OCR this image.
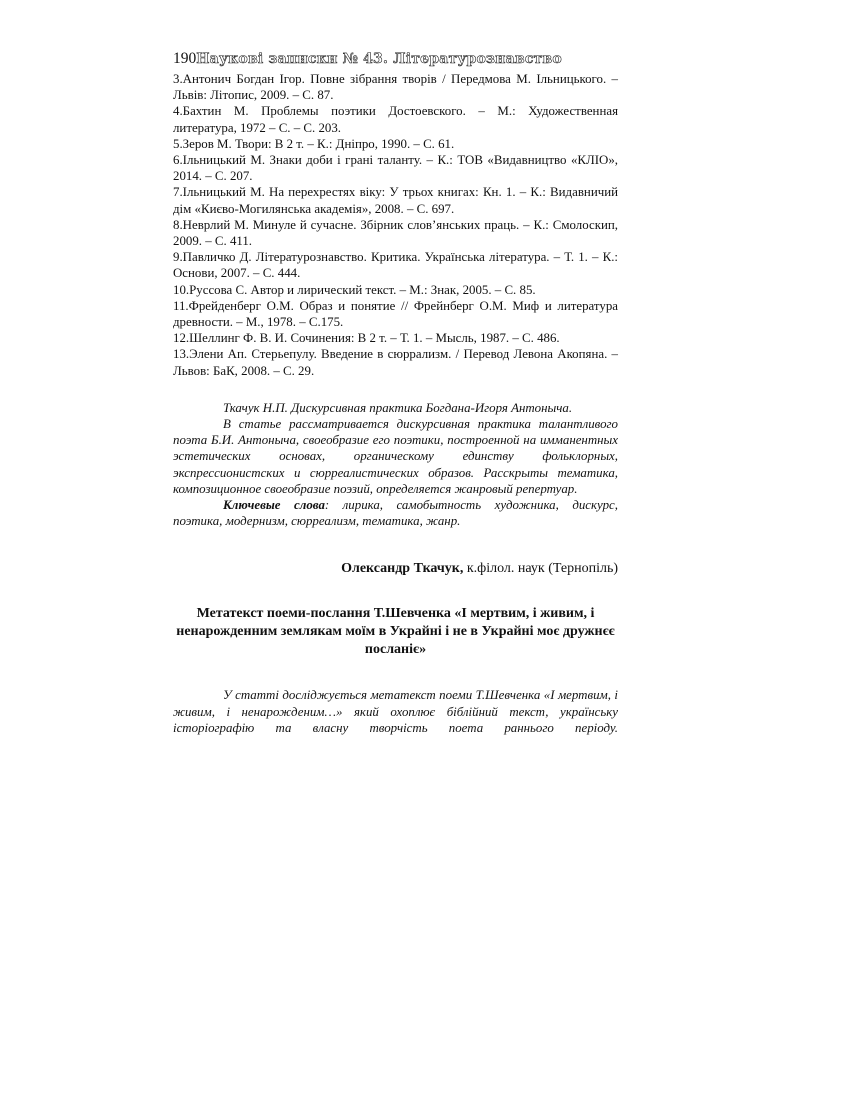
190Наукові записки № 43. Літературознавство
3.Антонич Богдан Ігор. Повне зібрання творів / Передмова М. Ільницького. – Львів: Літопис, 2009. – С. 87.
4.Бахтин М. Проблемы поэтики Достоевского. – М.: Художественная литература, 1972 – С. – С. 203.
5.Зеров М. Твори: В 2 т. – К.: Дніпро, 1990. – С. 61.
6.Ільницький М. Знаки доби і грані таланту. – К.: ТОВ «Видавництво «КЛІО», 2014. – С. 207.
7.Ільницький М. На перехрестях віку: У трьох книгах: Кн. 1. – К.: Видавничий дім «Києво-Могилянська академія», 2008. – С. 697.
8.Неврлий М. Минуле й сучасне. Збірник слов’янських праць. – К.: Смолоскип, 2009. – С. 411.
9.Павличко Д. Літературознавство. Критика. Українська література. – Т. 1. – К.: Основи, 2007. – С. 444.
10.Руссова С. Автор и лирический текст. – М.: Знак, 2005. – С. 85.
11.Фрейденберг О.М. Образ и понятие // Фрейнберг О.М. Миф и литература древности. – М., 1978. – С.175.
12.Шеллинг Ф. В. И. Сочинения: В 2 т. – Т. 1. – Мысль, 1987. – С. 486.
13.Элени Ап. Стерьепулу. Введение в сюррализм. / Перевод Левона Акопяна. – Львов: БаК, 2008. – С. 29.

Ткачук Н.П. Дискурсивная практика Богдана-Игоря Антоныча.

В статье рассматривается дискурсивная практика талантливого поэта Б.И. Антоныча, своеобразие его поэтики, построенной на имманентных эстетических основах, органическому единству фольклорных, экспрессионистских и сюрреалистических образов. Расскрыты тематика, композиционное своеобразие поэзий, определяется жанровый репертуар.

Ключевые слова: лирика, самобытность художника, дискурс, поэтика, модернизм, сюрреализм, тематика, жанр.

Олександр Ткачук, к.філол. наук (Тернопіль)
Метатекст поеми-послання Т.Шевченка «І мертвим, і живим, і ненарожденним землякам моїм в Украйні і не в Украйні моє дружнєє посланіє»

У статті досліджується метатекст поеми Т.Шевченка «І мертвим, і живим, і ненарожденим…» який охоплює біблійний текст, українську історіографію та власну творчість поета раннього періоду.
